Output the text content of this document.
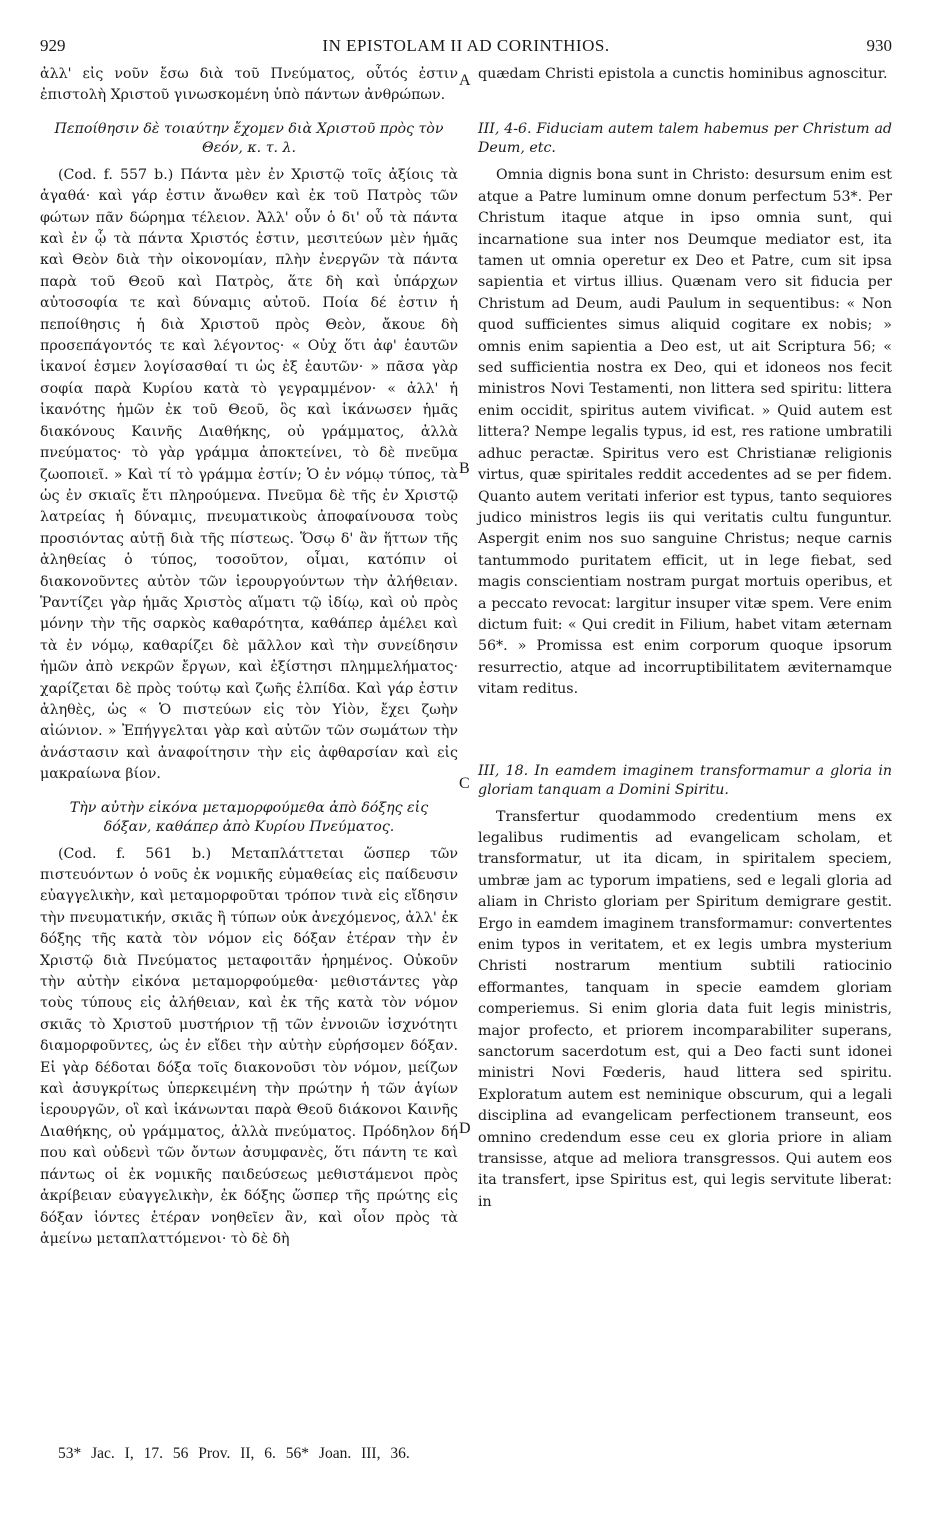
929	IN EPISTOLAM II AD CORINTHIOS.	930

ἀλλ' εἰς νοῦν ἔσω διὰ τοῦ Πνεύματος, οὗτός ἐστιν ἐπιστολὴ Χριστοῦ γινωσκομένη ὑπὸ πάντων ἀνθρώπων.

Πεποίθησιν δὲ τοιαύτην ἔχομεν διὰ Χριστοῦ πρὸς τὸν Θεόν, κ. τ. λ.

(Cod. f. 557 b.) Πάντα μὲν ἐν Χριστῷ τοῖς ἀξίοις τὰ ἀγαθά· καὶ γάρ ἐστιν ἄνωθεν καὶ ἐκ τοῦ Πατρὸς τῶν φώτων πᾶν δώρημα τέλειον. Ἀλλ' οὖν ὁ δι' οὗ τὰ πάντα καὶ ἐν ᾧ τὰ πάντα Χριστός ἐστιν, μεσιτεύων μὲν ἡμᾶς καὶ Θεὸν διὰ τὴν οἰκονομίαν, πλὴν ἐνεργῶν τὰ πάντα παρὰ τοῦ Θεοῦ καὶ Πατρὸς, ἅτε δὴ καὶ ὑπάρχων αὐτοσοφία τε καὶ δύναμις αὐτοῦ. Ποία δέ ἐστιν ἡ πεποίθησις ἡ διὰ Χριστοῦ πρὸς Θεὸν, ἄκουε δὴ προσεπάγοντός τε καὶ λέγοντος· « Οὐχ ὅτι ἀφ' ἑαυτῶν ἱκανοί ἐσμεν λογίσασθαί τι ὡς ἐξ ἑαυτῶν· » πᾶσα γὰρ σοφία παρὰ Κυρίου κατὰ τὸ γεγραμμένον· « ἀλλ' ἡ ἱκανότης ἡμῶν ἐκ τοῦ Θεοῦ, ὃς καὶ ἱκάνωσεν ἡμᾶς διακόνους Καινῆς Διαθήκης, οὐ γράμματος, ἀλλὰ πνεύματος· τὸ γὰρ γράμμα ἀποκτείνει, τὸ δὲ πνεῦμα ζωοποιεῖ. » Καὶ τί τὸ γράμμα ἐστίν; Ὁ ἐν νόμῳ τύπος, τὰ ὡς ἐν σκιαῖς ἔτι πληρούμενα. Πνεῦμα δὲ τῆς ἐν Χριστῷ λατρείας ἡ δύναμις, πνευματικοὺς ἀποφαίνουσα τοὺς προσιόντας αὐτῇ διὰ τῆς πίστεως. Ὅσῳ δ' ἂν ἥττων τῆς ἀληθείας ὁ τύπος, τοσοῦτον, οἶμαι, κατόπιν οἱ διακονοῦντες αὐτὸν τῶν ἱερουργούντων τὴν ἀλήθειαν. Ῥαντίζει γὰρ ἡμᾶς Χριστὸς αἵματι τῷ ἰδίῳ, καὶ οὐ πρὸς μόνην τὴν τῆς σαρκὸς καθαρότητα, καθάπερ ἀμέλει καὶ τὰ ἐν νόμῳ, καθαρίζει δὲ μᾶλλον καὶ τὴν συνείδησιν ἡμῶν ἀπὸ νεκρῶν ἔργων, καὶ ἐξίστησι πλημμελήματος· χαρίζεται δὲ πρὸς τούτῳ καὶ ζωῆς ἐλπίδα. Καὶ γάρ ἐστιν ἀληθὲς, ὡς « Ὁ πιστεύων εἰς τὸν Υἱὸν, ἔχει ζωὴν αἰώνιον. » Ἐπήγγελται γὰρ καὶ αὐτῶν τῶν σωμάτων τὴν ἀνάστασιν καὶ ἀναφοίτησιν τὴν εἰς ἀφθαρσίαν καὶ εἰς μακραίωνα βίον.

Τὴν αὐτὴν εἰκόνα μεταμορφούμεθα ἀπὸ δόξης εἰς δόξαν, καθάπερ ἀπὸ Κυρίου Πνεύματος.

(Cod. f. 561 b.) Μεταπλάττεται ὥσπερ τῶν πιστευόντων ὁ νοῦς ἐκ νομικῆς εὐμαθείας εἰς παίδευσιν εὐαγγελικὴν, καὶ μεταμορφοῦται τρόπον τινὰ εἰς εἴδησιν τὴν πνευματικήν, σκιᾶς ἢ τύπων οὐκ ἀνεχόμενος, ἀλλ' ἐκ δόξης τῆς κατὰ τὸν νόμον εἰς δόξαν ἑτέραν τὴν ἐν Χριστῷ διὰ Πνεύματος μεταφοιτᾶν ἡρημένος. Οὐκοῦν τὴν αὐτὴν εἰκόνα μεταμορφούμεθα· μεθιστάντες γὰρ τοὺς τύπους εἰς ἀλήθειαν, καὶ ἐκ τῆς κατὰ τὸν νόμον σκιᾶς τὸ Χριστοῦ μυστήριον τῇ τῶν ἐννοιῶν ἰσχνότητι διαμορφοῦντες, ὡς ἐν εἴδει τὴν αὐτὴν εὑρήσομεν δόξαν. Εἰ γὰρ δέδοται δόξα τοῖς διακονοῦσι τὸν νόμον, μείζων καὶ ἀσυγκρίτως ὑπερκειμένη τὴν πρώτην ἡ τῶν ἁγίων ἱερουργῶν, οἳ καὶ ἱκάνωνται παρὰ Θεοῦ διάκονοι Καινῆς Διαθήκης, οὐ γράμματος, ἀλλὰ πνεύματος. Πρόδηλον δή που καὶ οὐδενὶ τῶν ὄντων ἀσυμφανὲς, ὅτι πάντη τε καὶ πάντως οἱ ἐκ νομικῆς παιδεύσεως μεθιστάμενοι πρὸς ἀκρίβειαν εὐαγγελικὴν, ἐκ δόξης ὥσπερ τῆς πρώτης εἰς δόξαν ἰόντες ἑτέραν νοηθεῖεν ἂν, καὶ οἷον πρὸς τὰ ἀμείνω μεταπλαττόμενοι· τὸ δὲ δὴ

quædam Christi epistola a cunctis hominibus agnoscitur.

III, 4-6. Fiduciam autem talem habemus per Christum ad Deum, etc.

Omnia dignis bona sunt in Christo: desursum enim est atque a Patre luminum omne donum perfectum 53*. Per Christum itaque atque in ipso omnia sunt, qui incarnatione sua inter nos Deumque mediator est, ita tamen ut omnia operetur ex Deo et Patre, cum sit ipsa sapientia et virtus illius. Quænam vero sit fiducia per Christum ad Deum, audi Paulum in sequentibus: « Non quod sufficientes simus aliquid cogitare ex nobis; » omnis enim sapientia a Deo est, ut ait Scriptura 56; « sed sufficientia nostra ex Deo, qui et idoneos nos fecit ministros Novi Testamenti, non littera sed spiritu: littera enim occidit, spiritus autem vivificat. » Quid autem est littera? Nempe legalis typus, id est, res ratione umbratili adhuc peractæ. Spiritus vero est Christianæ religionis virtus, quæ spiritales reddit accedentes ad se per fidem. Quanto autem veritati inferior est typus, tanto sequiores judico ministros legis iis qui veritatis cultu funguntur. Aspergit enim nos suo sanguine Christus; neque carnis tantummodo puritatem efficit, ut in lege fiebat, sed magis conscientiam nostram purgat mortuis operibus, et a peccato revocat: largitur insuper vitæ spem. Vere enim dictum fuit: « Qui credit in Filium, habet vitam æternam 56*. » Promissa est enim corporum quoque ipsorum resurrectio, atque ad incorruptibilitatem æviternamque vitam reditus.

III, 18. In eamdem imaginem transformamur a gloria in gloriam tanquam a Domini Spiritu.

Transfertur quodammodo credentium mens ex legalibus rudimentis ad evangelicam scholam, et transformatur, ut ita dicam, in spiritalem speciem, umbræ jam ac typorum impatiens, sed e legali gloria ad aliam in Christo gloriam per Spiritum demigrare gestit. Ergo in eamdem imaginem transformamur: convertentes enim typos in veritatem, et ex legis umbra mysterium Christi nostrarum mentium subtili ratiocinio efformantes, tanquam in specie eamdem gloriam comperiemus. Si enim gloria data fuit legis ministris, major profecto, et priorem incomparabiliter superans, sanctorum sacerdotum est, qui a Deo facti sunt idonei ministri Novi Fœderis, haud littera sed spiritu. Exploratum autem est neminique obscurum, qui a legali disciplina ad evangelicam perfectionem transeunt, eos omnino credendum esse ceu ex gloria priore in aliam transisse, atque ad meliora transgressos. Qui autem eos ita transfert, ipse Spiritus est, qui legis servitute liberat: in

A
B
C
D
53* Jac. I, 17. 56 Prov. II, 6. 56* Joan. III, 36.
